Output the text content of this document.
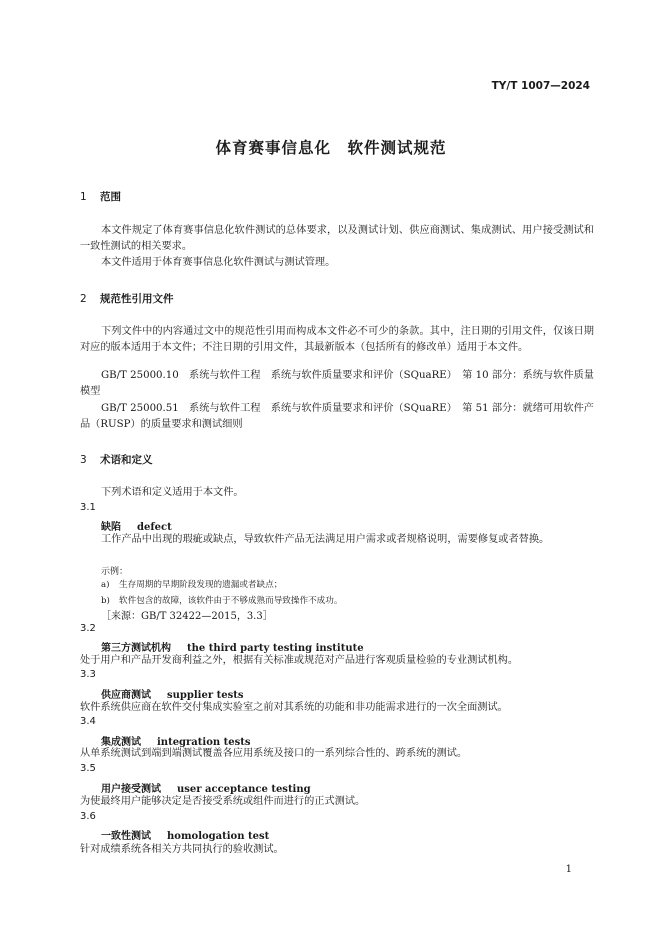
TY/T 1007—2024
体育赛事信息化　软件测试规范
1 范围
本文件规定了体育赛事信息化软件测试的总体要求，以及测试计划、供应商测试、集成测试、用户接受测试和一致性测试的相关要求。
本文件适用于体育赛事信息化软件测试与测试管理。
2 规范性引用文件
下列文件中的内容通过文中的规范性引用而构成本文件必不可少的条款。其中，注日期的引用文件，仅该日期对应的版本适用于本文件；不注日期的引用文件，其最新版本（包括所有的修改单）适用于本文件。
GB/T 25000.10　系统与软件工程　系统与软件质量要求和评价（SQuaRE）　第 10 部分：系统与软件质量模型
GB/T 25000.51　系统与软件工程　系统与软件质量要求和评价（SQuaRE）　第 51 部分：就绪可用软件产品（RUSP）的质量要求和测试细则
3 术语和定义
下列术语和定义适用于本文件。
3.1
缺陷 defect
工作产品中出现的瑕疵或缺点，导致软件产品无法满足用户需求或者规格说明，需要修复或者替换。
示例：
a) 生存周期的早期阶段发现的遗漏或者缺点；
b) 软件包含的故障，该软件由于不够成熟而导致操作不成功。
［来源：GB/T 32422—2015，3.3］
3.2
第三方测试机构 the third party testing institute
处于用户和产品开发商利益之外，根据有关标准或规范对产品进行客观质量检验的专业测试机构。
3.3
供应商测试 supplier tests
软件系统供应商在软件交付集成实验室之前对其系统的功能和非功能需求进行的一次全面测试。
3.4
集成测试 integration tests
从单系统测试到端到端测试覆盖各应用系统及接口的一系列综合性的、跨系统的测试。
3.5
用户接受测试 user acceptance testing
为使最终用户能够决定是否接受系统或组件而进行的正式测试。
3.6
一致性测试 homologation test
针对成绩系统各相关方共同执行的验收测试。
1
